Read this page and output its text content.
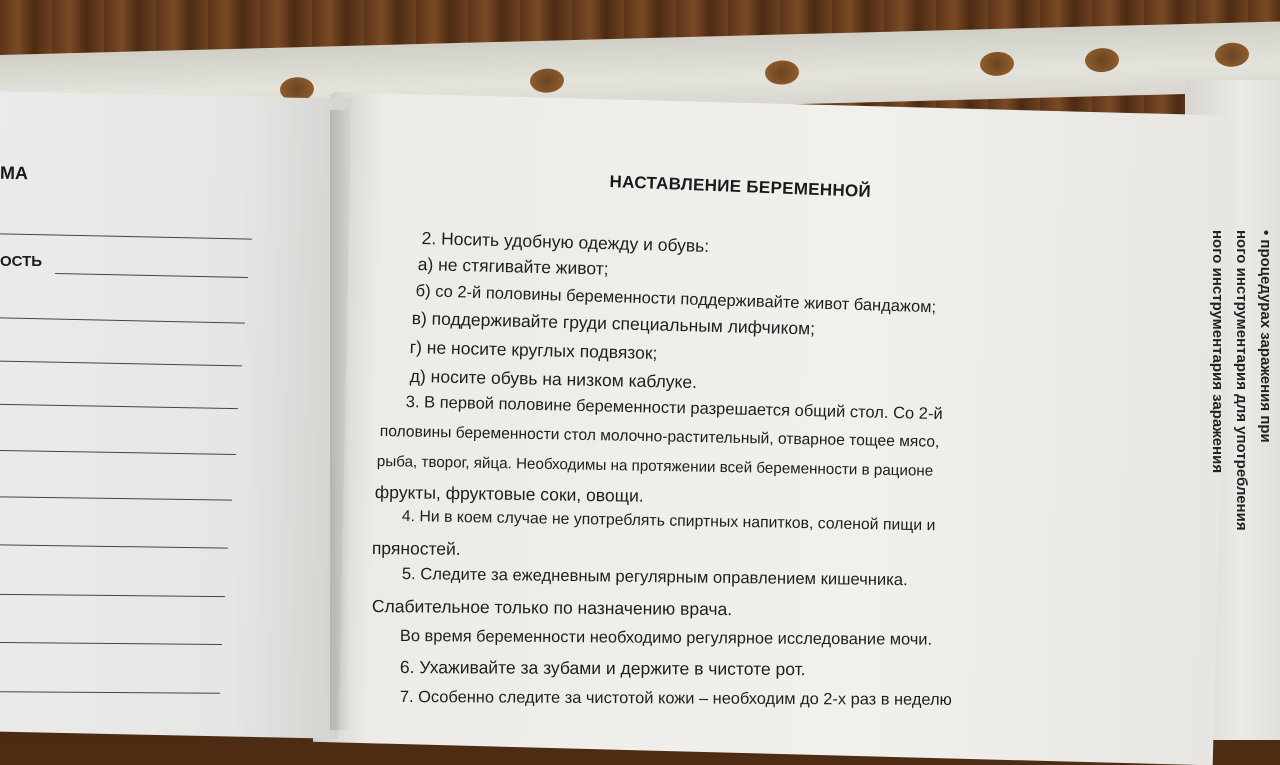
МА
ОСТЬ
НАСТАВЛЕНИЕ БЕРЕМЕННОЙ
2. Носить удобную одежду и обувь:
а) не стягивайте живот;
б) со 2-й половины беременности поддерживайте живот бандажом;
в) поддерживайте груди специальным лифчиком;
г) не носите круглых подвязок;
д) носите обувь на низком каблуке.
3. В первой половине беременности разрешается общий стол. Со 2-й
половины беременности стол молочно-растительный, отварное тощее мясо,
рыба, творог, яйца. Необходимы на протяжении всей беременности в рационе
фрукты, фруктовые соки, овощи.
4. Ни в коем случае не употреблять спиртных напитков, соленой пищи и
пряностей.
5. Следите за ежедневным регулярным оправлением кишечника.
Слабительное только по назначению врача.
Во время беременности необходимо регулярное исследование мочи.
6. Ухаживайте за зубами и держите в чистоте рот.
7. Особенно следите за чистотой кожи – необходим до 2-х раз в неделю
• процедурах заражения при
ного инструментария для употребления
ного инструментария заражения
